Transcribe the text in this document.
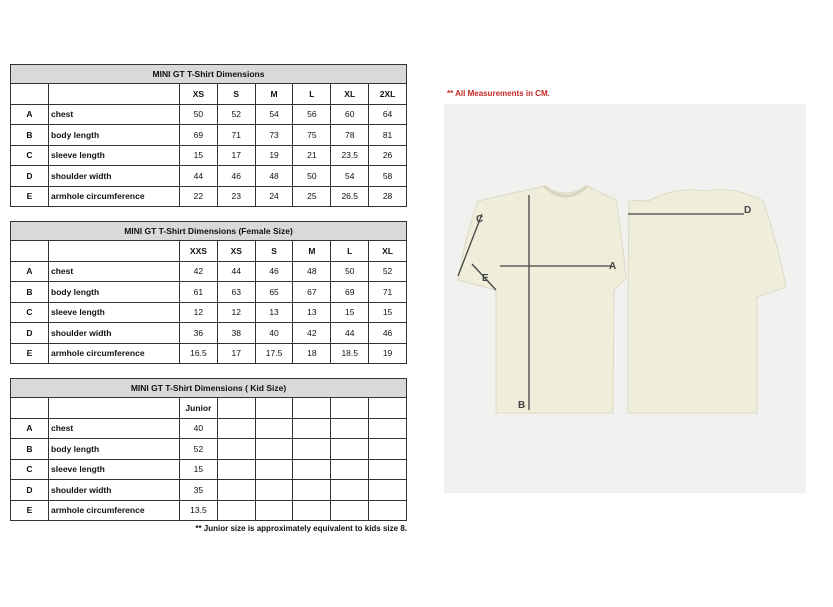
MINI GT T-Shirt Dimensions							
		XS	S	M	L	XL	2XL
A	chest	50	52	54	56	60	64
B	body length	69	71	73	75	78	81
C	sleeve length	15	17	19	21	23.5	26
D	shoulder width	44	46	48	50	54	58
E	armhole circumference	22	23	24	25	26.5	28
MINI GT T-Shirt Dimensions (Female Size)							
		XXS	XS	S	M	L	XL
A	chest	42	44	46	48	50	52
B	body length	61	63	65	67	69	71
C	sleeve length	12	12	13	13	15	15
D	shoulder width	36	38	40	42	44	46
E	armhole circumference	16.5	17	17.5	18	18.5	19
MINI GT T-Shirt Dimensions ( Kid Size)							
		Junior					
A	chest	40					
B	body length	52					
C	sleeve length	15					
D	shoulder width	35					
E	armhole circumference	13.5					
** Junior size is approximately equivalent to kids size 8.
** All Measurements in CM.
A
B
C
D
E
